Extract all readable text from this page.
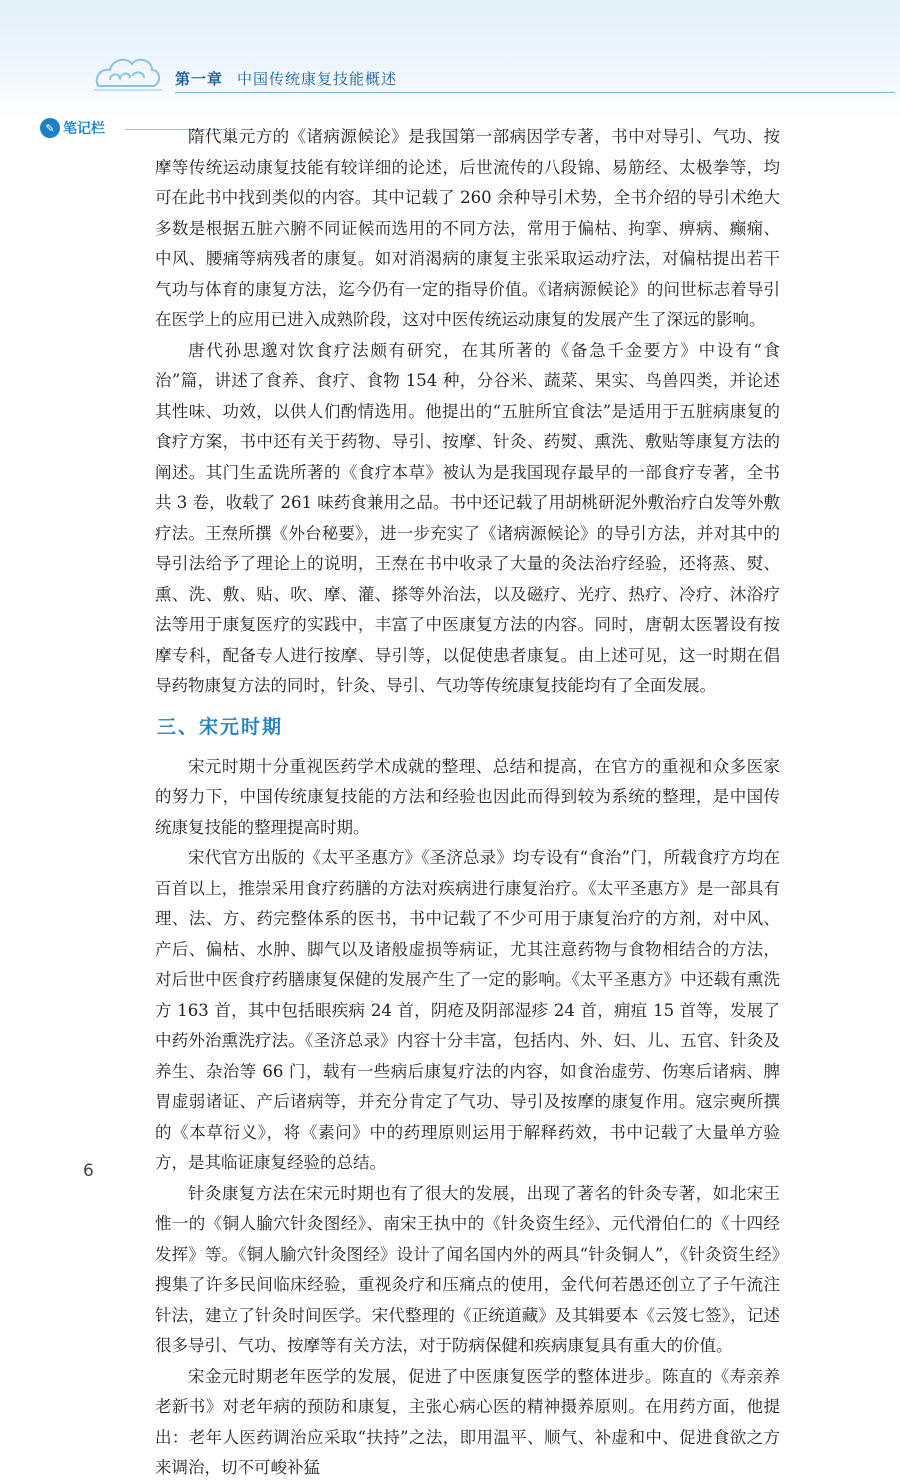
第一章 中国传统康复技能概述
✎ 笔记栏	隋代巢元方的《诸病源候论》是我国第一部病因学专著，书中对导引、气功、按摩等传统运动康复技能有较详细的论述，后世流传的八段锦、易筋经、太极拳等，均可在此书中找到类似的内容。其中记载了 260 余种导引术势，全书介绍的导引术绝大多数是根据五脏六腑不同证候而选用的不同方法，常用于偏枯、拘挛、痹病、癫痫、中风、腰痛等病残者的康复。如对消渴病的康复主张采取运动疗法，对偏枯提出若干气功与体育的康复方法，迄今仍有一定的指导价值。《诸病源候论》的问世标志着导引在医学上的应用已进入成熟阶段，这对中医传统运动康复的发展产生了深远的影响。

唐代孙思邈对饮食疗法颇有研究，在其所著的《备急千金要方》中设有“食治”篇，讲述了食养、食疗、食物 154 种，分谷米、蔬菜、果实、鸟兽四类，并论述其性味、功效，以供人们酌情选用。他提出的“五脏所宜食法”是适用于五脏病康复的食疗方案，书中还有关于药物、导引、按摩、针灸、药熨、熏洗、敷贴等康复方法的阐述。其门生孟诜所著的《食疗本草》被认为是我国现存最早的一部食疗专著，全书共 3 卷，收载了 261 味药食兼用之品。书中还记载了用胡桃研泥外敷治疗白发等外敷疗法。王焘所撰《外台秘要》，进一步充实了《诸病源候论》的导引方法，并对其中的导引法给予了理论上的说明，王焘在书中收录了大量的灸法治疗经验，还将蒸、熨、熏、洗、敷、贴、吹、摩、灌、搽等外治法，以及磁疗、光疗、热疗、冷疗、沐浴疗法等用于康复医疗的实践中，丰富了中医康复方法的内容。同时，唐朝太医署设有按摩专科，配备专人进行按摩、导引等，以促使患者康复。由上述可见，这一时期在倡导药物康复方法的同时，针灸、导引、气功等传统康复技能均有了全面发展。

三、宋元时期

宋元时期十分重视医药学术成就的整理、总结和提高，在官方的重视和众多医家的努力下，中国传统康复技能的方法和经验也因此而得到较为系统的整理，是中国传统康复技能的整理提高时期。

宋代官方出版的《太平圣惠方》《圣济总录》均专设有“食治”门，所载食疗方均在百首以上，推崇采用食疗药膳的方法对疾病进行康复治疗。《太平圣惠方》是一部具有理、法、方、药完整体系的医书，书中记载了不少可用于康复治疗的方剂，对中风、产后、偏枯、水肿、脚气以及诸般虚损等病证，尤其注意药物与食物相结合的方法，对后世中医食疗药膳康复保健的发展产生了一定的影响。《太平圣惠方》中还载有熏洗方 163 首，其中包括眼疾病 24 首，阴疮及阴部湿疹 24 首，痈疽 15 首等，发展了中药外治熏洗疗法。《圣济总录》内容十分丰富，包括内、外、妇、儿、五官、针灸及养生、杂治等 66 门，载有一些病后康复疗法的内容，如食治虚劳、伤寒后诸病、脾胃虚弱诸证、产后诸病等，并充分肯定了气功、导引及按摩的康复作用。寇宗奭所撰的《本草衍义》，将《素问》中的药理原则运用于解释药效，书中记载了大量单方验方，是其临证康复经验的总结。

针灸康复方法在宋元时期也有了很大的发展，出现了著名的针灸专著，如北宋王惟一的《铜人腧穴针灸图经》、南宋王执中的《针灸资生经》、元代滑伯仁的《十四经发挥》等。《铜人腧穴针灸图经》设计了闻名国内外的两具“针灸铜人”，《针灸资生经》搜集了许多民间临床经验，重视灸疗和压痛点的使用，金代何若愚还创立了子午流注针法，建立了针灸时间医学。宋代整理的《正统道藏》及其辑要本《云笈七签》，记述很多导引、气功、按摩等有关方法，对于防病保健和疾病康复具有重大的价值。

宋金元时期老年医学的发展，促进了中医康复医学的整体进步。陈直的《寿亲养老新书》对老年病的预防和康复，主张心病心医的精神摄养原则。在用药方面，他提出：老年人医药调治应采取“扶持”之法，即用温平、顺气、补虚和中、促进食欲之方来调治，切不可峻补猛

6
